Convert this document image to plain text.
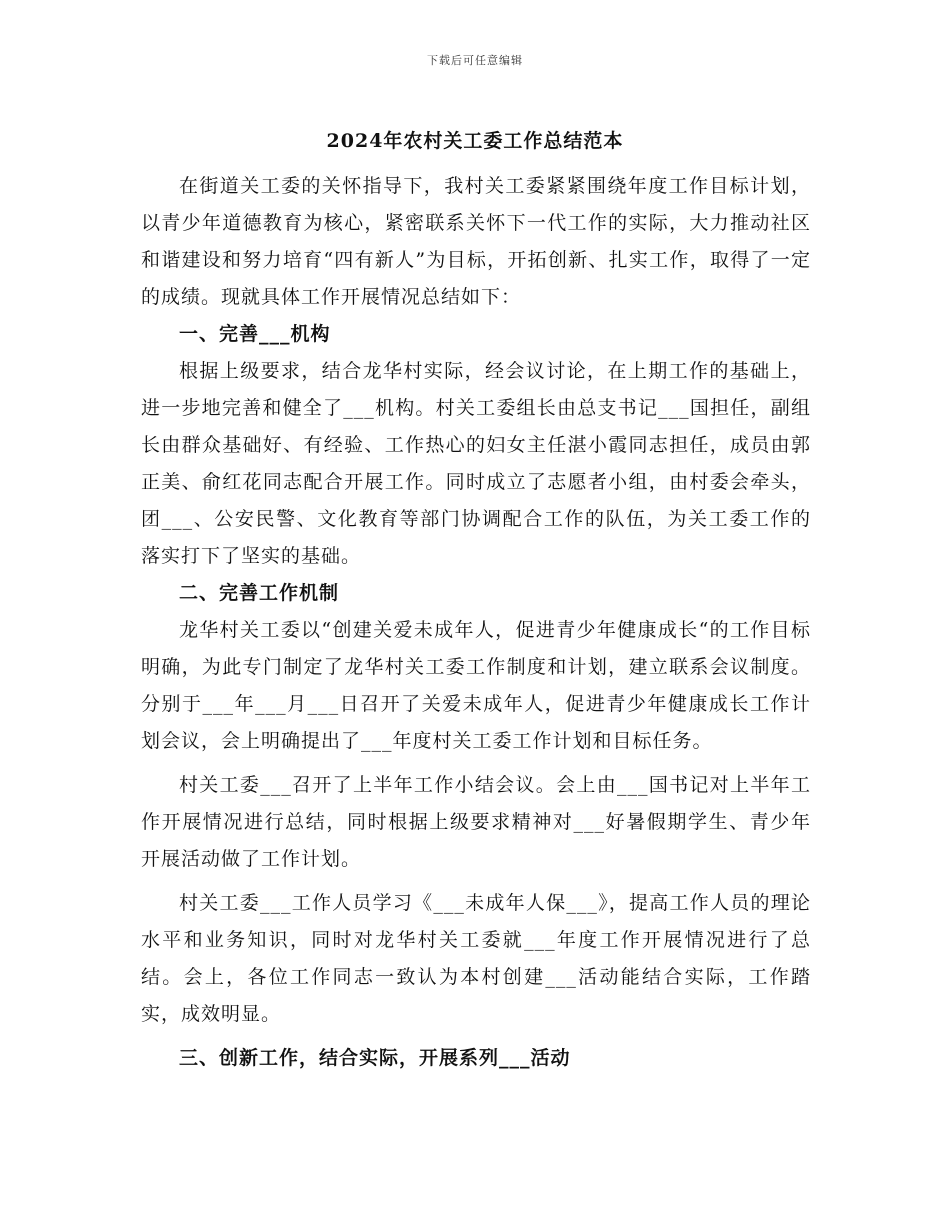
下载后可任意编辑
2024年农村关工委工作总结范本

在街道关工委的关怀指导下，我村关工委紧紧围绕年度工作目标计划，以青少年道德教育为核心，紧密联系关怀下一代工作的实际，大力推动社区和谐建设和努力培育“四有新人”为目标，开拓创新、扎实工作，取得了一定的成绩。现就具体工作开展情况总结如下：

一、完善___机构

根据上级要求，结合龙华村实际，经会议讨论，在上期工作的基础上，进一步地完善和健全了___机构。村关工委组长由总支书记___国担任，副组长由群众基础好、有经验、工作热心的妇女主任湛小霞同志担任，成员由郭正美、俞红花同志配合开展工作。同时成立了志愿者小组，由村委会牵头，团___、公安民警、文化教育等部门协调配合工作的队伍，为关工委工作的落实打下了坚实的基础。

二、完善工作机制

龙华村关工委以“创建关爱未成年人，促进青少年健康成长“的工作目标明确，为此专门制定了龙华村关工委工作制度和计划，建立联系会议制度。分别于___年___月___日召开了关爱未成年人，促进青少年健康成长工作计划会议，会上明确提出了___年度村关工委工作计划和目标任务。

村关工委___召开了上半年工作小结会议。会上由___国书记对上半年工作开展情况进行总结，同时根据上级要求精神对___好暑假期学生、青少年开展活动做了工作计划。

村关工委___工作人员学习《___未成年人保___》，提高工作人员的理论水平和业务知识，同时对龙华村关工委就___年度工作开展情况进行了总结。会上，各位工作同志一致认为本村创建___活动能结合实际，工作踏实，成效明显。

三、创新工作，结合实际，开展系列___活动
